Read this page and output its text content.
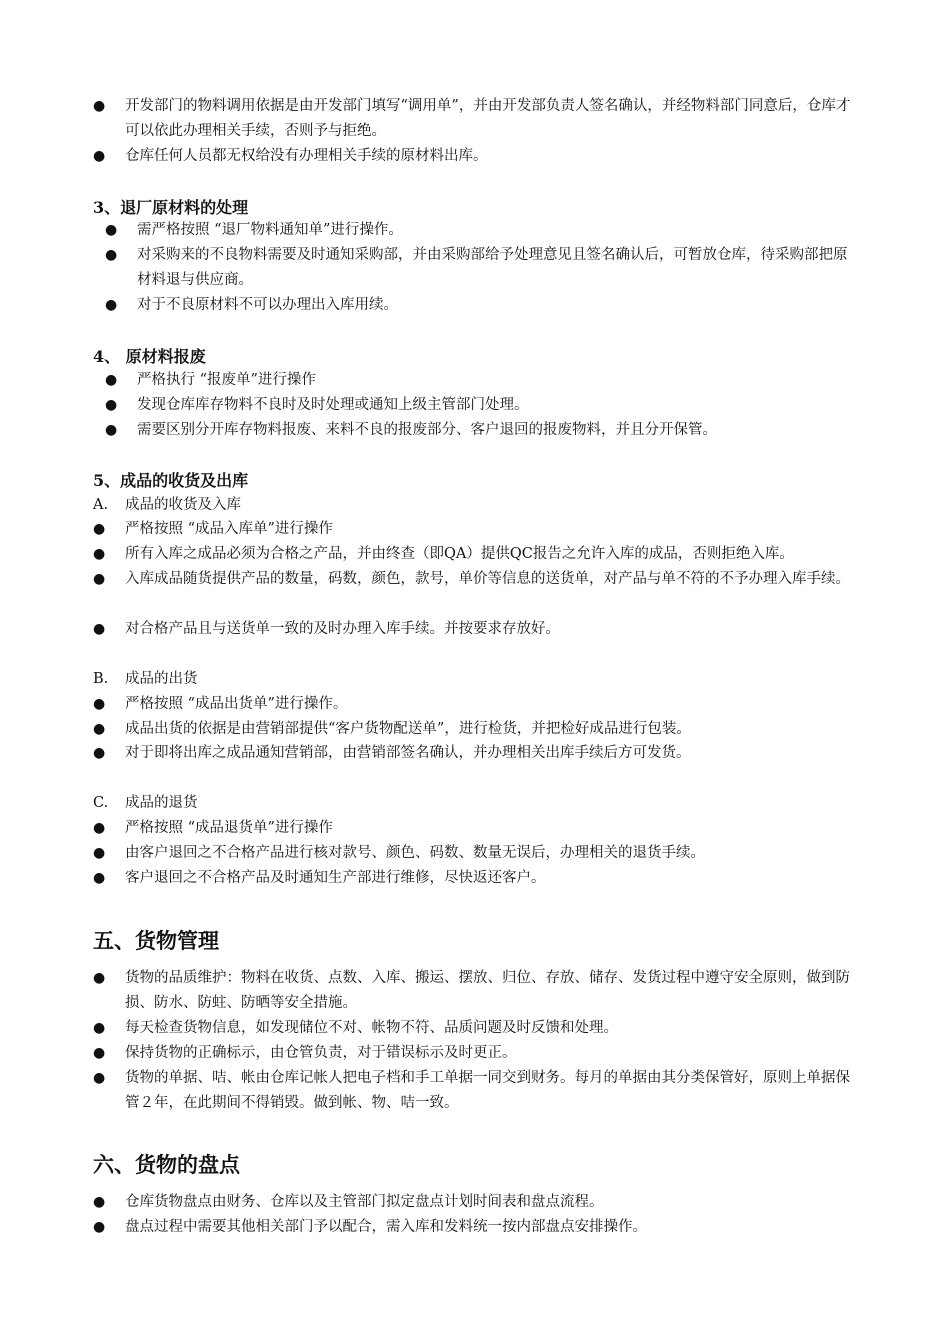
●	开发部门的物料调用依据是由开发部门填写“调用单”，并由开发部负责人签名确认，并经物料部门同意后，仓库才可以依此办理相关手续，否则予与拒绝。
●	仓库任何人员都无权给没有办理相关手续的原材料出库。
3、退厂原材料的处理
●	需严格按照 “退厂物料通知单”进行操作。
●	对采购来的不良物料需要及时通知采购部，并由采购部给予处理意见且签名确认后，可暂放仓库，待采购部把原材料退与供应商。
●	对于不良原材料不可以办理出入库用续。
4、 原材料报废
●	严格执行 “报废单”进行操作
●	发现仓库库存物料不良时及时处理或通知上级主管部门处理。
●	需要区别分开库存物料报废、来料不良的报废部分、客户退回的报废物料，并且分开保管。
5、成品的收货及出库
A. 成品的收货及入库
●	严格按照 “成品入库单”进行操作
●	所有入库之成品必须为合格之产品，并由终查（即QA）提供QC报告之允许入库的成品，否则拒绝入库。
●	入库成品随货提供产品的数量，码数，颜色，款号，单价等信息的送货单，对产品与单不符的不予办理入库手续。
●	对合格产品且与送货单一致的及时办理入库手续。并按要求存放好。
B. 成品的出货
●	严格按照 “成品出货单”进行操作。
●	成品出货的依据是由营销部提供“客户货物配送单”，进行检货，并把检好成品进行包装。
●	对于即将出库之成品通知营销部，由营销部签名确认，并办理相关出库手续后方可发货。
C. 成品的退货
●	严格按照 “成品退货单”进行操作
●	由客户退回之不合格产品进行核对款号、颜色、码数、数量无误后，办理相关的退货手续。
●	客户退回之不合格产品及时通知生产部进行维修，尽快返还客户。
五、货物管理
●	货物的品质维护：物料在收货、点数、入库、搬运、摆放、归位、存放、储存、发货过程中遵守安全原则，做到防损、防水、防蛀、防晒等安全措施。
●	每天检查货物信息，如发现储位不对、帐物不符、品质问题及时反馈和处理。
●	保持货物的正确标示，由仓管负责，对于错误标示及时更正。
●	货物的单据、咭、帐由仓库记帐人把电子档和手工单据一同交到财务。每月的单据由其分类保管好，原则上单据保管２年，在此期间不得销毁。做到帐、物、咭一致。
六、货物的盘点
●	仓库货物盘点由财务、仓库以及主管部门拟定盘点计划时间表和盘点流程。
●	盘点过程中需要其他相关部门予以配合，需入库和发料统一按内部盘点安排操作。
